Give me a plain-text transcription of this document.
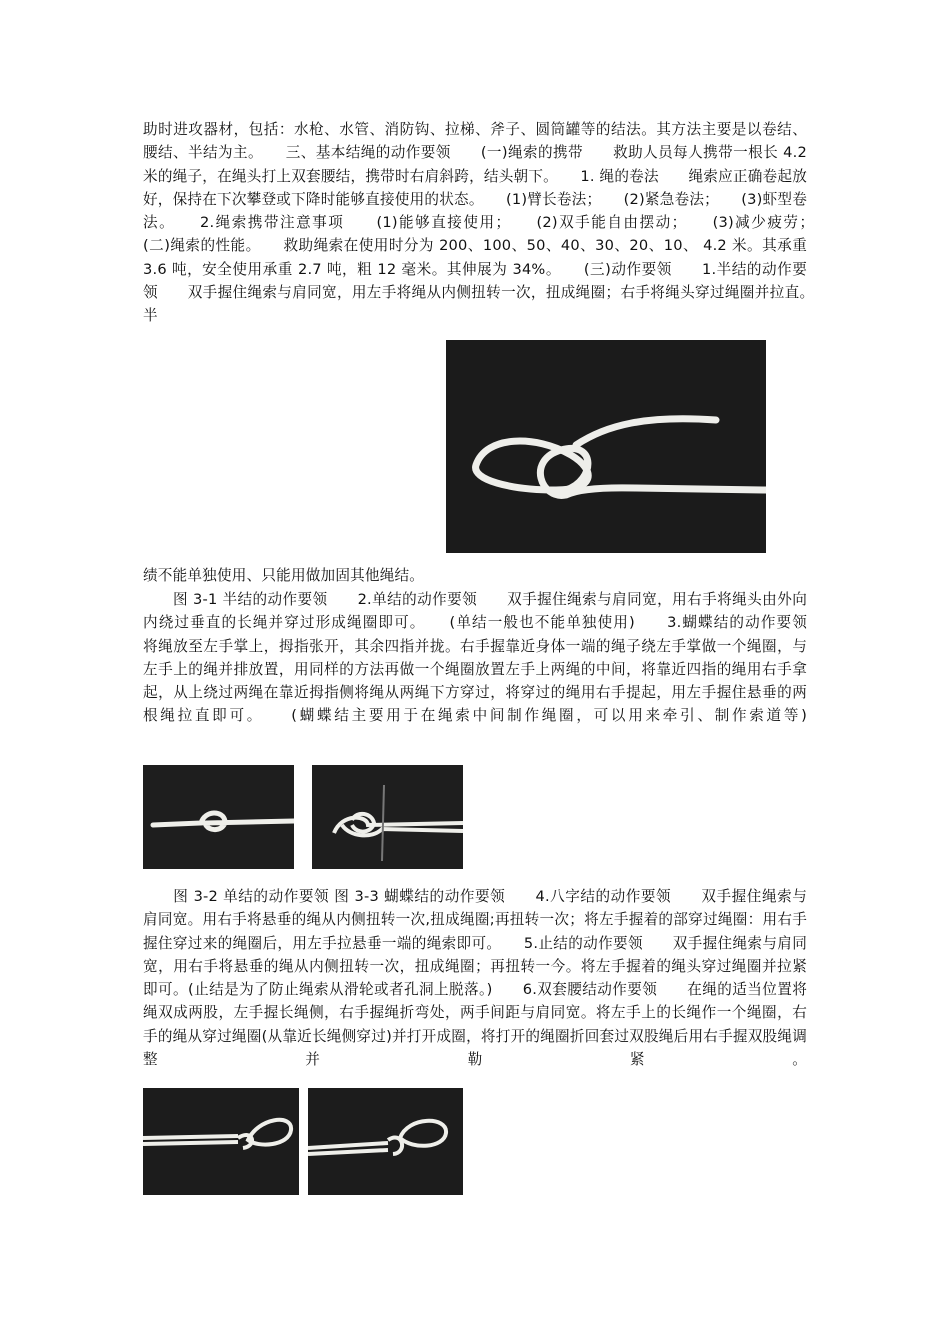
助时进攻器材，包括：水枪、水管、消防钩、拉梯、斧子、圆筒罐等的结法。其方法主要是以卷结、腰结、半结为主。　　三、基本结绳的动作要领　　(一)绳索的携带　　救助人员每人携带一根长 4.2 米的绳子，在绳头打上双套腰结，携带时右肩斜跨，结头朝下。　　1. 绳的卷法　　绳索应正确卷起放好，保持在下次攀登或下降时能够直接使用的状态。　　(1)臂长卷法；　　(2)紧急卷法；　　(3)虾型卷法。　　2.绳索携带注意事项　　(1)能够直接使用；　　(2)双手能自由摆动；　　(3)减少疲劳；　　(二)绳索的性能。　　救助绳索在使用时分为 200、100、50、40、30、20、10、 4.2 米。其承重 3.6 吨，安全使用承重 2.7 吨，粗 12 毫米。其伸展为 34%。　　(三)动作要领　　1.半结的动作要领　　双手握住绳索与肩同宽，用左手将绳从内侧扭转一次，扭成绳圈；右手将绳头穿过绳圈并拉直。　　半

绩不能单独使用、只能用做加固其他绳结。

　　图 3-1 半结的动作要领　　2.单结的动作要领　　双手握住绳索与肩同宽，用右手将绳头由外向内绕过垂直的长绳并穿过形成绳圈即可。　　(单结一般也不能单独使用)　　3.蝴蝶结的动作要领　　将绳放至左手掌上，拇指张开，其余四指并拢。右手握靠近身体一端的绳子绕左手掌做一个绳圈，与左手上的绳并排放置，用同样的方法再做一个绳圈放置左手上两绳的中间，将靠近四指的绳用右手拿起，从上绕过两绳在靠近拇指侧将绳从两绳下方穿过，将穿过的绳用右手提起，用左手握住悬垂的两根绳拉直即可。　　(蝴蝶结主要用于在绳索中间制作绳圈，可以用来牵引、制作索道等)

　　图 3-2 单结的动作要领 图 3-3 蝴蝶结的动作要领　　4.八字结的动作要领　　双手握住绳索与肩同宽。用右手将悬垂的绳从内侧扭转一次,扭成绳圈;再扭转一次；将左手握着的部穿过绳圈：用右手握住穿过来的绳圈后，用左手拉悬垂一端的绳索即可。　　5.止结的动作要领　　双手握住绳索与肩同宽，用右手将悬垂的绳从内侧扭转一次，扭成绳圈；再扭转一今。将左手握着的绳头穿过绳圈并拉紧即可。(止结是为了防止绳索从滑轮或者孔洞上脱落。)　　6.双套腰结动作要领　　在绳的适当位置将绳双成两股，左手握长绳侧，右手握绳折弯处，两手间距与肩同宽。将左手上的长绳作一个绳圈，右手的绳从穿过绳圈(从靠近长绳侧穿过)并打开成圈，将打开的绳圈折回套过双股绳后用右手握双股绳调整并勒紧。
